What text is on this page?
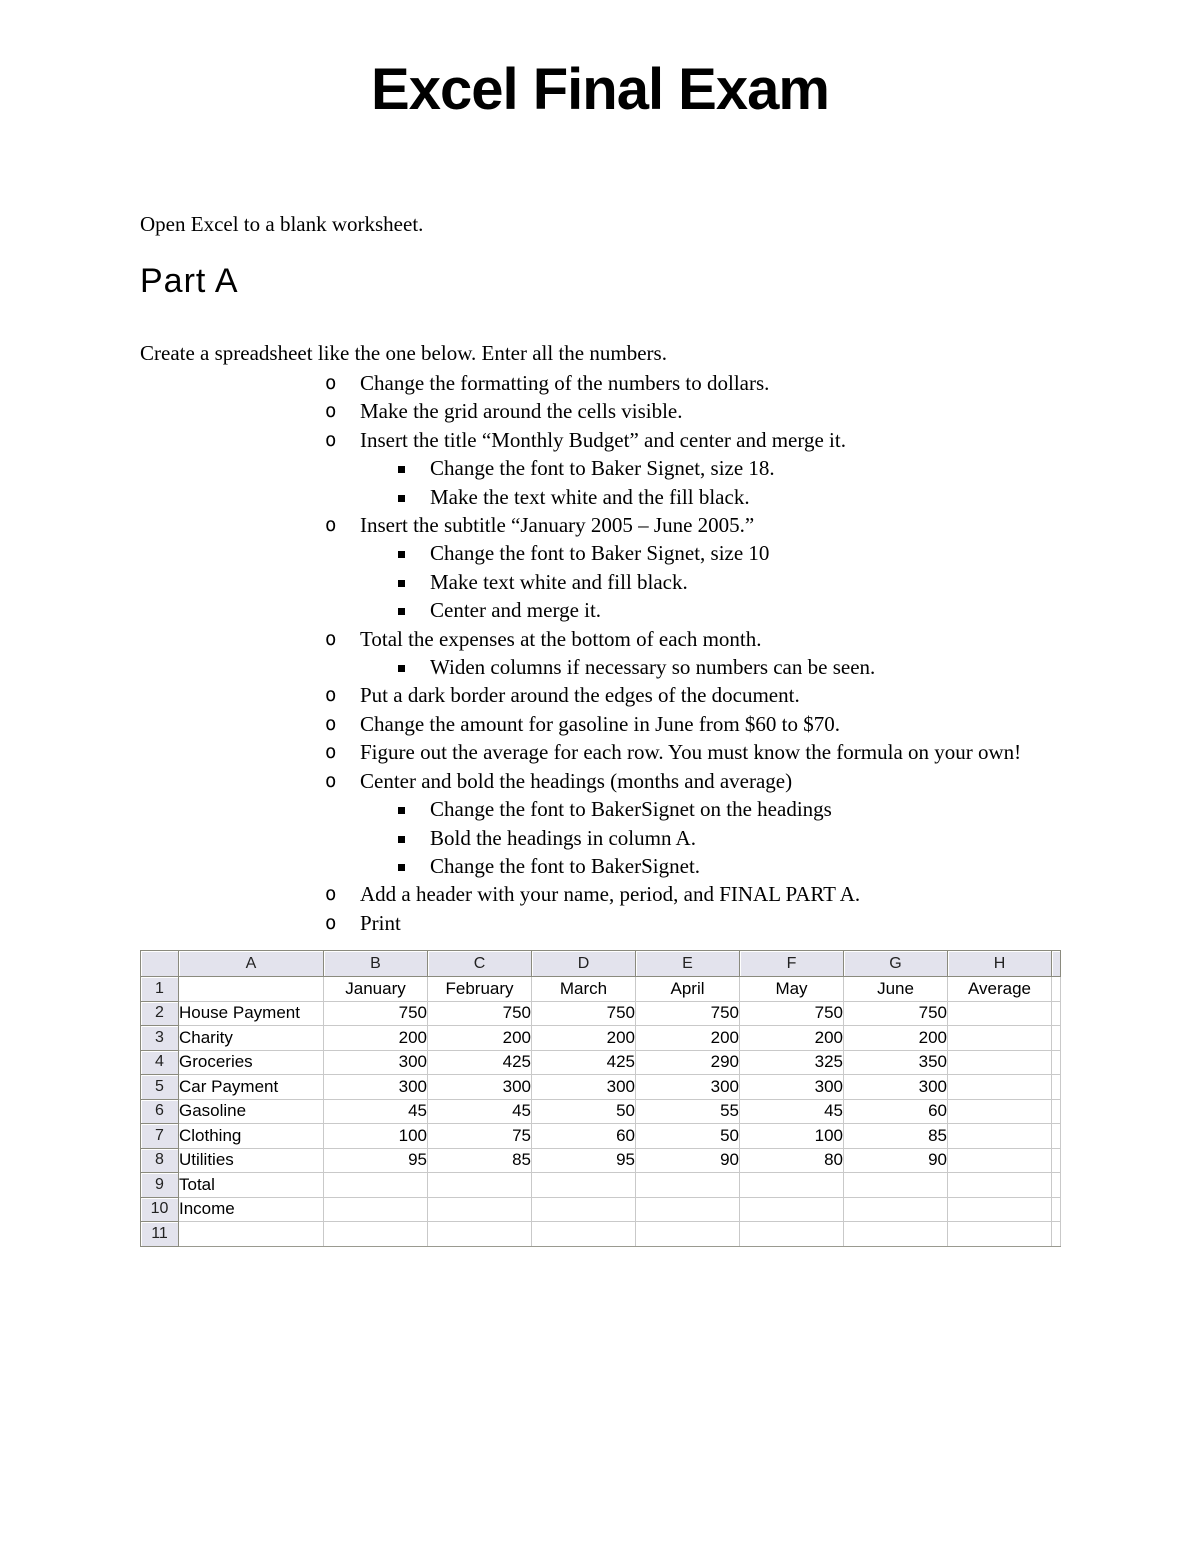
Excel Final Exam

Open Excel to a blank worksheet.

Part A

Create a spreadsheet like the one below. Enter all the numbers.

o	Change the formatting of the numbers to dollars.
o	Make the grid around the cells visible.
o	Insert the title “Monthly Budget” and center and merge it.
Change the font to Baker Signet, size 18.
Make the text white and the fill black.
o	Insert the subtitle “January 2005 – June 2005.”
Change the font to Baker Signet, size 10
Make text white and fill black.
Center and merge it.
o	Total the expenses at the bottom of each month.
Widen columns if necessary so numbers can be seen.
o	Put a dark border around the edges of the document.
o	Change the amount for gasoline in June from $60 to $70.
o	Figure out the average for each row. You must know the formula on your own!
o	Center and bold the headings (months and average)
Change the font to BakerSignet on the headings
Bold the headings in column A.
Change the font to BakerSignet.
o	Add a header with your name, period, and FINAL PART A.
o	Print
	A	B	C	D	E	F	G	H	
1		January	February	March	April	May	June	Average	
2	House Payment	750	750	750	750	750	750		
3	Charity	200	200	200	200	200	200		
4	Groceries	300	425	425	290	325	350		
5	Car Payment	300	300	300	300	300	300		
6	Gasoline	45	45	50	55	45	60		
7	Clothing	100	75	60	50	100	85		
8	Utilities	95	85	95	90	80	90		
9	Total								
10	Income								
11									
